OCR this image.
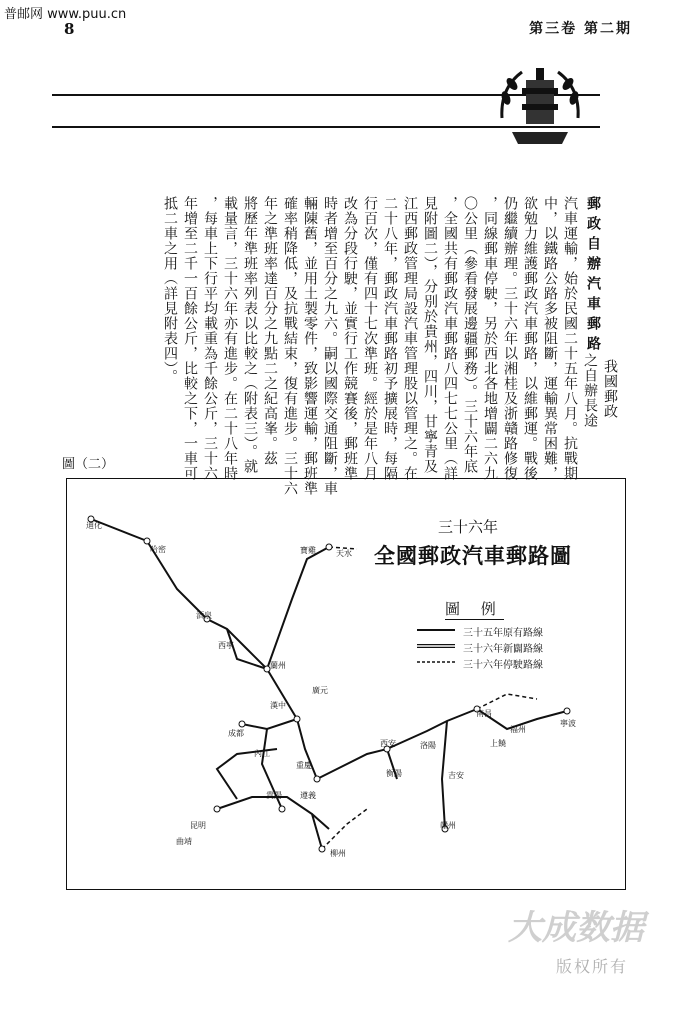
普邮网 www.puu.cn
8	第三卷 第二期
郵政自辦汽車郵路
我國郵政
之自辦長途
汽車運輸，始於民國二十五年八月。抗戰期
中，以鐵路公路多被阻斷，運輸異常困難，
欲勉力維護郵政汽車郵路，以維郵運。戰後
仍繼續辦理。三十六年以湘桂及浙贛路修復
，同線郵車停駛，另於西北各地增闢二六九
〇公里（參看發展邊疆郵務）。三十六年底
，全國共有郵政汽車郵路八四七七公里（詳
見附圖二），分別於貴州，四川，甘寧青及
江西郵政管理局設汽車管理股以管理之。在
二十八年，郵政汽車郵路初予擴展時，每隔
行百次，僅有四十七次準班。經於是年八月
改為分段行駛，並實行工作競賽後，郵班準
時者增至百分之九六。嗣以國際交通阻斷，車
輛陳舊，並用土製零件，致影響運輸，郵班準
確率稍降低，及抗戰結束，復有進步。三十六
年之準班率達百分之九點二之紀高峯。茲
將歷年準班率列表以比較之（附表三）。就
載量言，三十六年亦有進步。在二十八年時
，每車上下行平均載重為千餘公斤，三十六
年增至二千一百餘公斤，比較之下，一車可
抵二車之用（詳見附表四）。
圖（二）
三十六年
全國郵政汽車郵路圖
圖 例
三十五年原有路線
三十六年新闢路線
三十六年停駛路線
迪化
哈密
酒泉
蘭州
西寧
寶雞	天水
廣元
漢中
成都
內江
重慶
貴陽 遵義
衡陽
南昌
吉安
贛州
福州
上饒
寧波
昆明
曲靖
柳州
西安	洛陽
大成数据
版权所有
